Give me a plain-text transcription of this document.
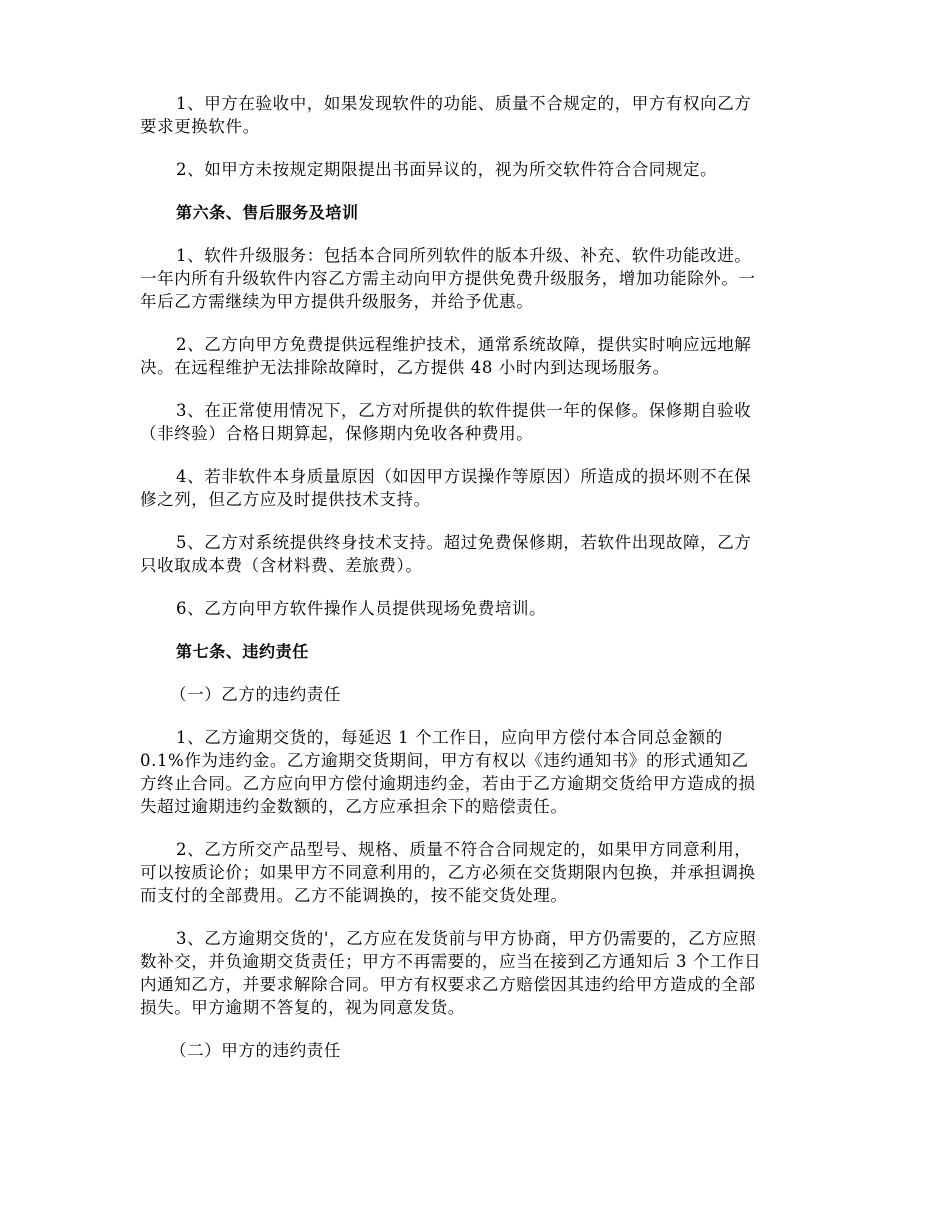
1、甲方在验收中，如果发现软件的功能、质量不合规定的，甲方有权向乙方
要求更换软件。
2、如甲方未按规定期限提出书面异议的，视为所交软件符合合同规定。
第六条、售后服务及培训
1、软件升级服务：包括本合同所列软件的版本升级、补充、软件功能改进。
一年内所有升级软件内容乙方需主动向甲方提供免费升级服务，增加功能除外。一
年后乙方需继续为甲方提供升级服务，并给予优惠。
2、乙方向甲方免费提供远程维护技术，通常系统故障，提供实时响应远地解
决。在远程维护无法排除故障时，乙方提供 48 小时内到达现场服务。
3、在正常使用情况下，乙方对所提供的软件提供一年的保修。保修期自验收
（非终验）合格日期算起，保修期内免收各种费用。
4、若非软件本身质量原因（如因甲方误操作等原因）所造成的损坏则不在保
修之列，但乙方应及时提供技术支持。
5、乙方对系统提供终身技术支持。超过免费保修期，若软件出现故障，乙方
只收取成本费（含材料费、差旅费）。
6、乙方向甲方软件操作人员提供现场免费培训。
第七条、违约责任
（一）乙方的违约责任
1、乙方逾期交货的，每延迟 1 个工作日，应向甲方偿付本合同总金额的
0.1%作为违约金。乙方逾期交货期间，甲方有权以《违约通知书》的形式通知乙
方终止合同。乙方应向甲方偿付逾期违约金，若由于乙方逾期交货给甲方造成的损
失超过逾期违约金数额的，乙方应承担余下的赔偿责任。
2、乙方所交产品型号、规格、质量不符合合同规定的，如果甲方同意利用，
可以按质论价；如果甲方不同意利用的，乙方必须在交货期限内包换，并承担调换
而支付的全部费用。乙方不能调换的，按不能交货处理。
3、乙方逾期交货的'，乙方应在发货前与甲方协商，甲方仍需要的，乙方应照
数补交，并负逾期交货责任；甲方不再需要的，应当在接到乙方通知后 3 个工作日
内通知乙方，并要求解除合同。甲方有权要求乙方赔偿因其违约给甲方造成的全部
损失。甲方逾期不答复的，视为同意发货。
（二）甲方的违约责任
